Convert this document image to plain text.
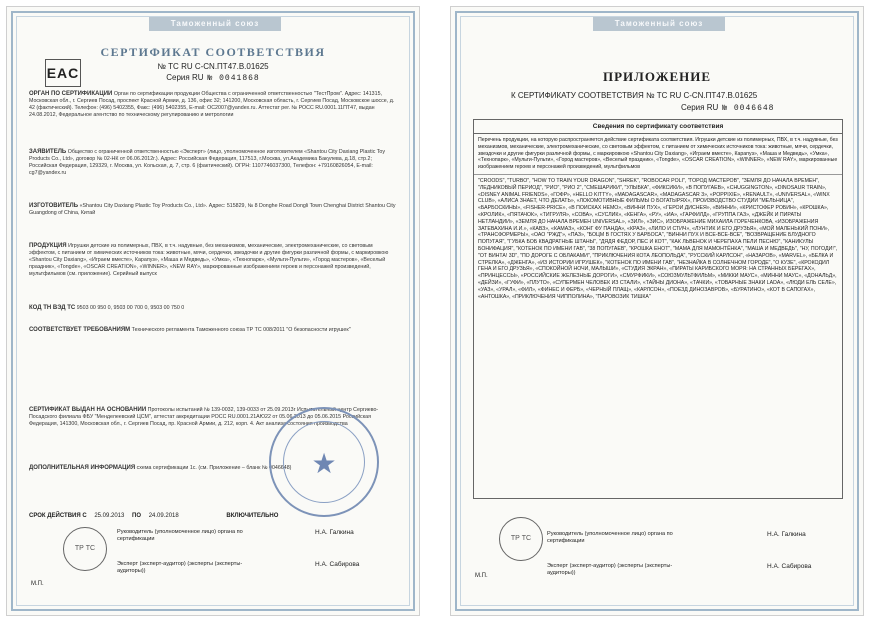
Таможенный союз
EAC
СЕРТИФИКАТ СООТВЕТСТВИЯ
№ ТС RU C-CN.ПТ47.B.01625
Серия RU № 0041868
ОРГАН ПО СЕРТИФИКАЦИИ Орган по сертификации продукции Общества с ограниченной ответственностью "ТестПром". Адрес: 141315, Московская обл., г. Сергиев Посад, проспект Красной Армии, д. 136, офис 32; 141200, Московская область, г. Сергиев Посад, Московское шоссе, д. 42 (фактический). Телефон: (496) 5402355, Факс: (496) 5402355, E-mail: OC2007@yandex.ru. Аттестат рег. № РОСС RU.0001.11ПТ47, выдан 24.08.2012, Федеральное агентство по техническому регулированию и метрологии
ЗАЯВИТЕЛЬ Общество с ограниченной ответственностью «Эксперт» (лицо, уполномоченное изготовителем «Shantou City Daxiang Plastic Toy Products Co., Ltd», договор № 02-НК от 06.06.2012г.). Адрес: Российская Федерация, 117513, г.Москва, ул.Академика Бакулева, д.18, стр.2; Российская Федерация, 129329, г. Москва, ул. Кольская, д. 7, стр. 6 (фактический). ОГРН: 1107746037300, Телефон: +79160826054, E-mail: cg7@yandex.ru
ИЗГОТОВИТЕЛЬ «Shantou City Daxiang Plastic Toy Products Co., Ltd». Адрес: 515829, № 8 Donghe Road Dongli Town Chenghai District Shantou City Guangdong of China, Китай
ПРОДУКЦИЯ Игрушки детские из полимерных, ПВХ, в т.ч. надувные, без механизмов, механические, электромеханические, со световым эффектом, с питанием от химических источников тока: животные, мячи, сердечки, звездочки и другие фигурки различной формы, с маркировкою «Shantou City Daxiang», «Играем вместе», Карапуз», «Маша и Медведь», «Умка», «Технопарк», «Мульти-Пульти», «Город мастеров», «Веселый праздник», «Tongde», «OSCAR CREATION», «WINNER», «NEW RAY», маркированные изображением героев и персонажей произведений, мультфильмов (см. приложение). Серийный выпуск
КОД ТН ВЭД ТС 9503 00 950 0, 9503 00 700 0, 9503 00 750 0
СООТВЕТСТВУЕТ ТРЕБОВАНИЯМ Технического регламента Таможенного союза ТР ТС 008/2011 "О безопасности игрушек"
СЕРТИФИКАТ ВЫДАН НА ОСНОВАНИИ Протоколы испытаний № 139-0032, 139-0033 от 25.09.2013г Испытательный центр Сергиево-Посадского филиала ФБУ "Менделеевский ЦСМ", аттестат аккредитации РОСС RU.0001.21АЮ22 от 05.06.2013 до 05.06.2015 Российская Федерация, 141300, Московская обл., г. Сергиев Посад, пр. Красной Армии, д. 212, корп. 4. Акт анализа состояния производства
ДОПОЛНИТЕЛЬНАЯ ИНФОРМАЦИЯ схема сертификации 1с. (см. Приложение – бланк № 0046648) ★
СРОК ДЕЙСТВИЯ С 25.09.2013 ПО 24.09.2018	ВКЛЮЧИТЕЛЬНО
ТР ТС
М.П.
Руководитель (уполномоченное лицо) органа по сертификации
Н.А. Галкина
Эксперт (эксперт-аудитор) (эксперты (эксперты-аудиторы))
Н.А. Сабирова
Таможенный союз
ПРИЛОЖЕНИЕ
К СЕРТИФИКАТУ СООТВЕТСТВИЯ № ТС RU C-CN.ПТ47.B.01625
Серия RU № 0046648
Сведения по сертификату соответствия
Перечень продукции, на которую распространяется действие сертификата соответствия. Игрушки детские из полимерных, ПВХ, в т.ч. надувные, без механизмов, механические, электромеханические, со световым эффектом, с питанием от химических источников тока: животные, мячи, сердечки, звездочки и другие фигурки различной формы, с маркировкою «Shantou City Daxiang», «Играем вместе», Карапуз», «Маша и Медведь», «Умка», «Технопарк», «Мульти-Пульти», «Город мастеров», «Веселый праздник», «Tongde», «OSCAR CREATION», «WINNER», «NEW RAY», маркированные изображением героев и персонажей произведений, мультфильмов
"CROODS", "TURBO", "HOW TO TRAIN YOUR DRAGON", "SHREK", "ROBOCAR POLI", "ГОРОД МАСТЕРОВ", "ЗЕМЛЯ ДО НАЧАЛА ВРЕМЕН", "ЛЕДНИКОВЫЙ ПЕРИОД", "РИО", "РИО 2", "СМЕШАРИКИ", "УЛЫБКА", «ФИКСИКИ», «В ПОПУГАЕВ», «CHUGGINGTON», «DINOSAUR TRAIN», «DISNEY ANIMAL FRIENDS», «ГОФР», «HELLO KITTY», «MADAGASCAR», «MADAGASCAR 3», «POPPIXIE», «RENAULT», «UNIVERSAL», «WINX CLUB», «АЛИСА ЗНАЕТ, ЧТО ДЕЛАТЬ», «ЛОКОМОТИВНЫЕ ФИЛЬМЫ О БОГАТЫРЯХ», ПРОИЗВОДСТВО СТУДИИ "МЕЛЬНИЦА", «БАРБОСКИНЫ», «FISHER-PRICE», «В ПОИСКАХ НЕМО», «ВИННИ ПУХ», «ГЕРОИ ДИСНЕЯ», «ВИННИ», «КРИСТОФЕР РОБИН», «КРОШКА», «КРОЛИК», «ПЯТАЧОК», «ТИГРУЛЯ», «СОВА», «СУСЛИК», «КЕНГА», «РУ», «ИА», «ГАРФИЛД», «ГРУППА ГАЗ», «ДЖЕЙК И ПИРАТЫ НЕТЛАНДИИ», «ЗЕМЛЯ ДО НАЧАЛА ВРЕМЕН UNIVERSAL», «ЗИЛ», «ЗИС», ИЗОБРАЖЕНИЕ МИХАИЛА ГОРЕЧЕНКОВА, «ИЗОБРАЖЕНИЯ ЗАТЕВАХИНА И.И.», «КАВЗ», «КАМАЗ», «КОНГ ФУ ПАНДА», «КРАЗ», «ЛИЛО И СТИЧ», «ЛУНТИК И ЕГО ДРУЗЬЯ», «МОЙ МАЛЕНЬКИЙ ПОНИ», «ТРАНСФОРМЕРЫ», «ОАО "РЖД"», «ПАЗ», "БОЦМ В ГОСТЯХ У БАРБОСА", "ВИННИ ПУХ И ВСЕ-ВСЕ-ВСЕ", "ВОЗВРАЩЕНИЕ БЛУДНОГО ПОПУГАЯ", "ГУБКА БОБ КВАДРАТНЫЕ ШТАНЫ", "ДЯДЯ ФЕДОР, ПЕС И КОТ", "КАК ЛЬВЕНОК И ЧЕРЕПАХА ПЕЛИ ПЕСНЮ", "КАНИКУЛЫ БОНИФАЦИЯ", "КОТЕНОК ПО ИМЕНИ ГАВ", "38 ПОПУГАЕВ", "КРОШКА ЕНОТ", "МАМА ДЛЯ МАМОНТЁНКА", "МАША И МЕДВЕДЬ", "НУ, ПОГОДИ!", "ОТ ВИНТА! 3D", "ПО ДОРОГЕ С ОБЛАКАМИ", "ПРИКЛЮЧЕНИЯ КОТА ЛЕОПОЛЬДА", "РУССКИЙ КАРЛСОН", «НАЗАРОВ», «MARVEL», «БЕЛКА И СТРЕЛКА», «ДЖЕНГА», «ИЗ ИСТОРИИ ИГРУШЕК», "КОТЕНОК ПО ИМЕНИ ГАВ", "НЕЗНАЙКА В СОЛНЕЧНОМ ГОРОДЕ", "О КУЗЕ", «КРОКОДИЛ ГЕНА И ЕГО ДРУЗЬЯ», «СПОКОЙНОЙ НОЧИ, МАЛЫШИ», «СТУДИЯ ЭКРАН», «ПИРАТЫ КАРИБСКОГО МОРЯ: НА СТРАННЫХ БЕРЕГАХ», «ПРИНЦЕССЫ», «РОССИЙСКИЕ ЖЕЛЕЗНЫЕ ДОРОГИ», «СМУРФИКИ», «СОЮЗМУЛЬТФИЛЬМ», «МИККИ МАУС», «МИННИ МАУС», «ДОНАЛЬД», «ДЕЙЗИ», «ГУФИ», «ПЛУТО», «СУПЕРМЕН ЧЕЛОВЕК ИЗ СТАЛИ», «ТАЙНЫ ДИОНА», «ТАЧКИ», «ТОВАРНЫЕ ЗНАКИ LADA», «ЛЮДИ ЕЛЬ СЕЛЕ», «УАЗ», «УРАЛ», «ФИЛ», «ФИНЕС И ФЕРБ», «ЧЕРНЫЙ ПЛАЩ», «КАРЛСОН», «ПОЕЗД ДИНОЗАВРОВ», «БУРАТИНО», «КОТ В САПОГАХ», «АНТОШКА», «ПРИКЛЮЧЕНИЯ ЧИППОЛИНА», "ПАРОВОЗИК ТИШКА"
ТР ТС
М.П.
Руководитель (уполномоченное лицо) органа по сертификации
Н.А. Галкина
Эксперт (эксперт-аудитор) (эксперты (эксперты-аудиторы))
Н.А. Сабирова
